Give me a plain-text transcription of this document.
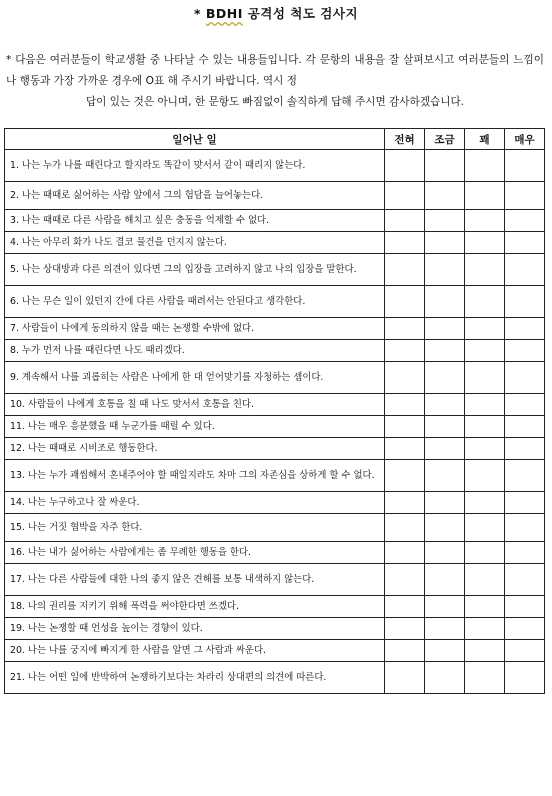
* BDHI 공격성 척도 검사지
* 다음은 여러분들이 학교생활 중 나타날 수 있는 내용들입니다. 각 문항의 내용을 잘 살펴보시고 여러분들의 느낌이나 행동과 가장 가까운 경우에 O표 해 주시기 바랍니다. 역시 정
답이 있는 것은 아니며, 한 문항도 빠짐없이 솔직하게 답해 주시면 감사하겠습니다.
일어난 일	전혀	조금	꽤	매우
1. 나는 누가 나를 때린다고 할지라도 똑같이 맞서서 같이 때리지 않는다.				
2. 나는 때때로 싫어하는 사람 앞에서 그의 험담을 늘어놓는다.				
3. 나는 때때로 다른 사람을 해치고 싶은 충동을 억제할 수 없다.				
4. 나는 아무리 화가 나도 결코 물건을 던지지 않는다.				
5. 나는 상대방과 다른 의견이 있다면 그의 입장을 고려하지 않고 나의 입장을 말한다.				
6. 나는 무슨 일이 있던지 간에 다른 사람을 때려서는 안된다고 생각한다.				
7. 사람들이 나에게 동의하지 않을 때는 논쟁할 수밖에 없다.				
8. 누가 먼저 나를 때린다면 나도 때리겠다.				
9. 계속해서 나를 괴롭히는 사람은 나에게 한 대 얻어맞기를 자청하는 셈이다.				
10. 사람들이 나에게 호통을 칠 때 나도 맞서서 호통을 친다.				
11. 나는 매우 흥분했을 때 누군가를 때릴 수 있다.				
12. 나는 때때로 시비조로 행동한다.				
13. 나는 누가 괘씸해서 혼내주어야 할 때일지라도 차마 그의 자존심을 상하게 할 수 없다.				
14. 나는 누구하고나 잘 싸운다.				
15. 나는 거짓 협박을 자주 한다.				
16. 나는 내가 싫어하는 사람에게는 좀 무례한 행동을 한다.				
17. 나는 다른 사람들에 대한 나의 좋지 않은 견해를 보통 내색하지 않는다.				
18. 나의 권리를 지키기 위해 폭력을 써야한다면 쓰겠다.				
19. 나는 논쟁할 때 언성을 높이는 경향이 있다.				
20. 나는 나를 궁지에 빠지게 한 사람을 알면 그 사람과 싸운다.				
21. 나는 어떤 일에 반박하여 논쟁하기보다는 차라리 상대편의 의견에 따른다.				
